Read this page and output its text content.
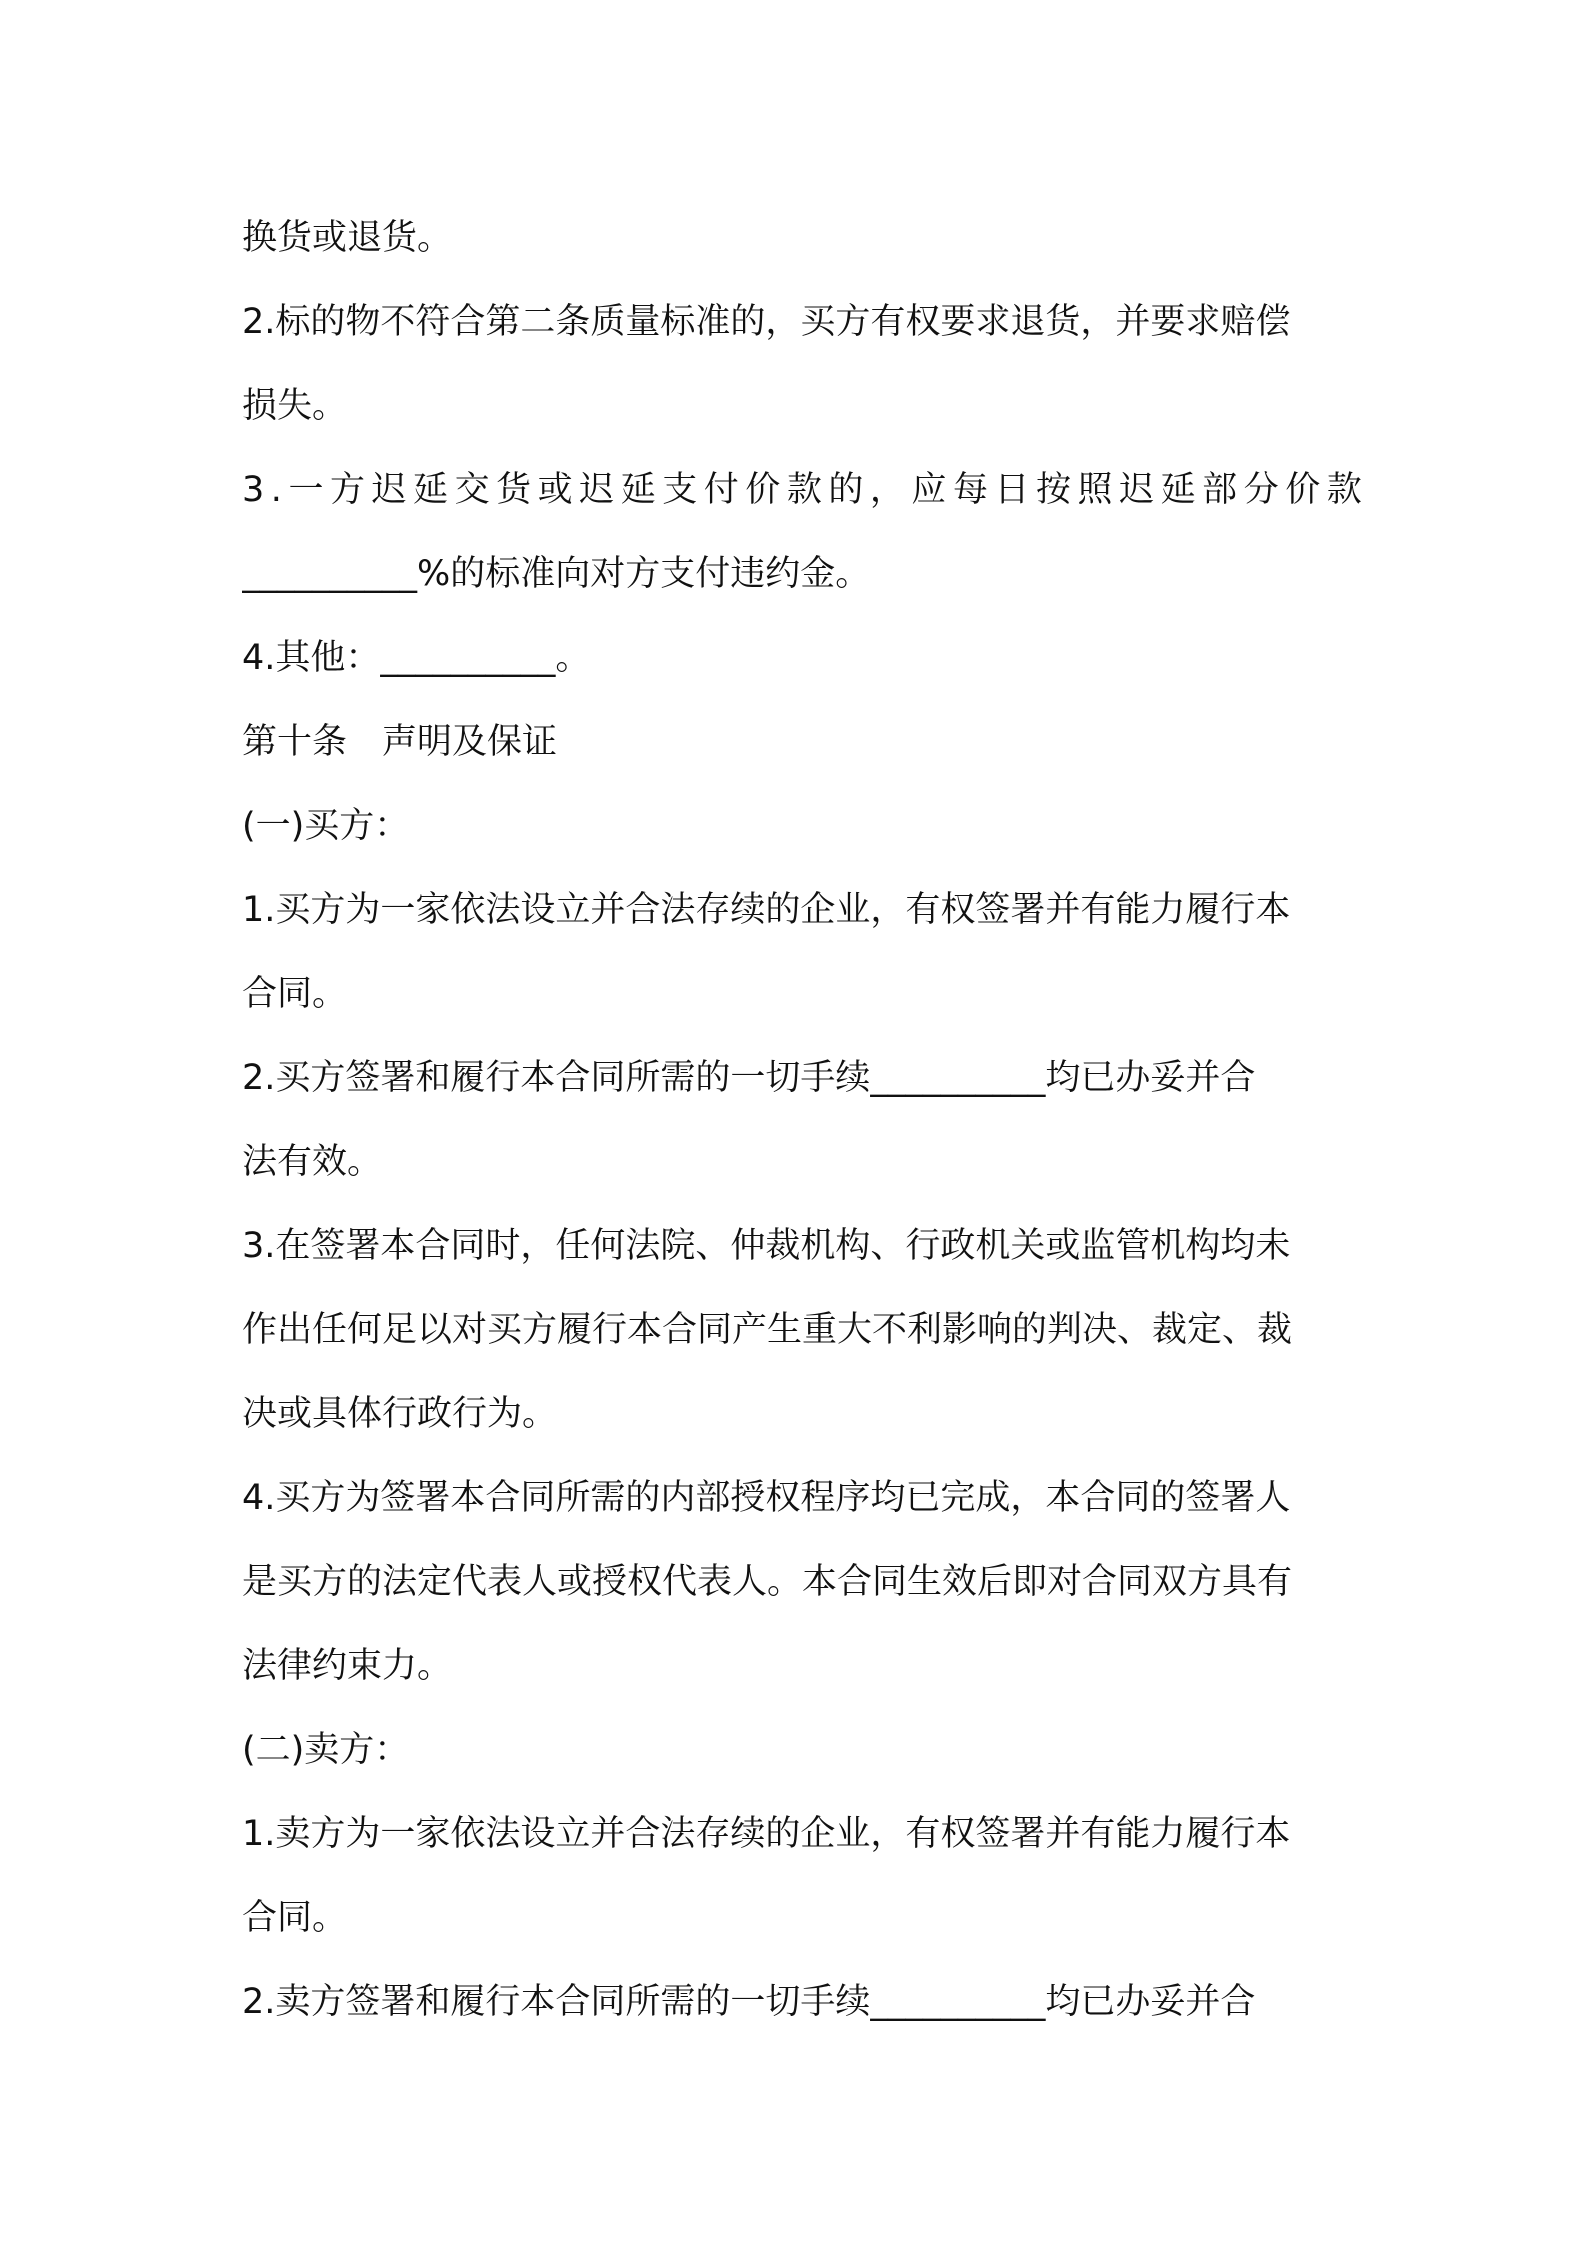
换货或退货。
2.标的物不符合第二条质量标准的，买方有权要求退货，并要求赔偿
损失。
3 . 一 方 迟 延 交 货 或 迟 延 支 付 价 款 的 ， 应 每 日 按 照 迟 延 部 分 价 款
__________%的标准向对方支付违约金。
4.其他：__________。
第十条　声明及保证
(一)买方：
1.买方为一家依法设立并合法存续的企业，有权签署并有能力履行本
合同。
2.买方签署和履行本合同所需的一切手续__________均已办妥并合
法有效。
3.在签署本合同时，任何法院、仲裁机构、行政机关或监管机构均未
作出任何足以对买方履行本合同产生重大不利影响的判决、裁定、裁
决或具体行政行为。
4.买方为签署本合同所需的内部授权程序均已完成，本合同的签署人
是买方的法定代表人或授权代表人。本合同生效后即对合同双方具有
法律约束力。
(二)卖方：
1.卖方为一家依法设立并合法存续的企业，有权签署并有能力履行本
合同。
2.卖方签署和履行本合同所需的一切手续__________均已办妥并合
